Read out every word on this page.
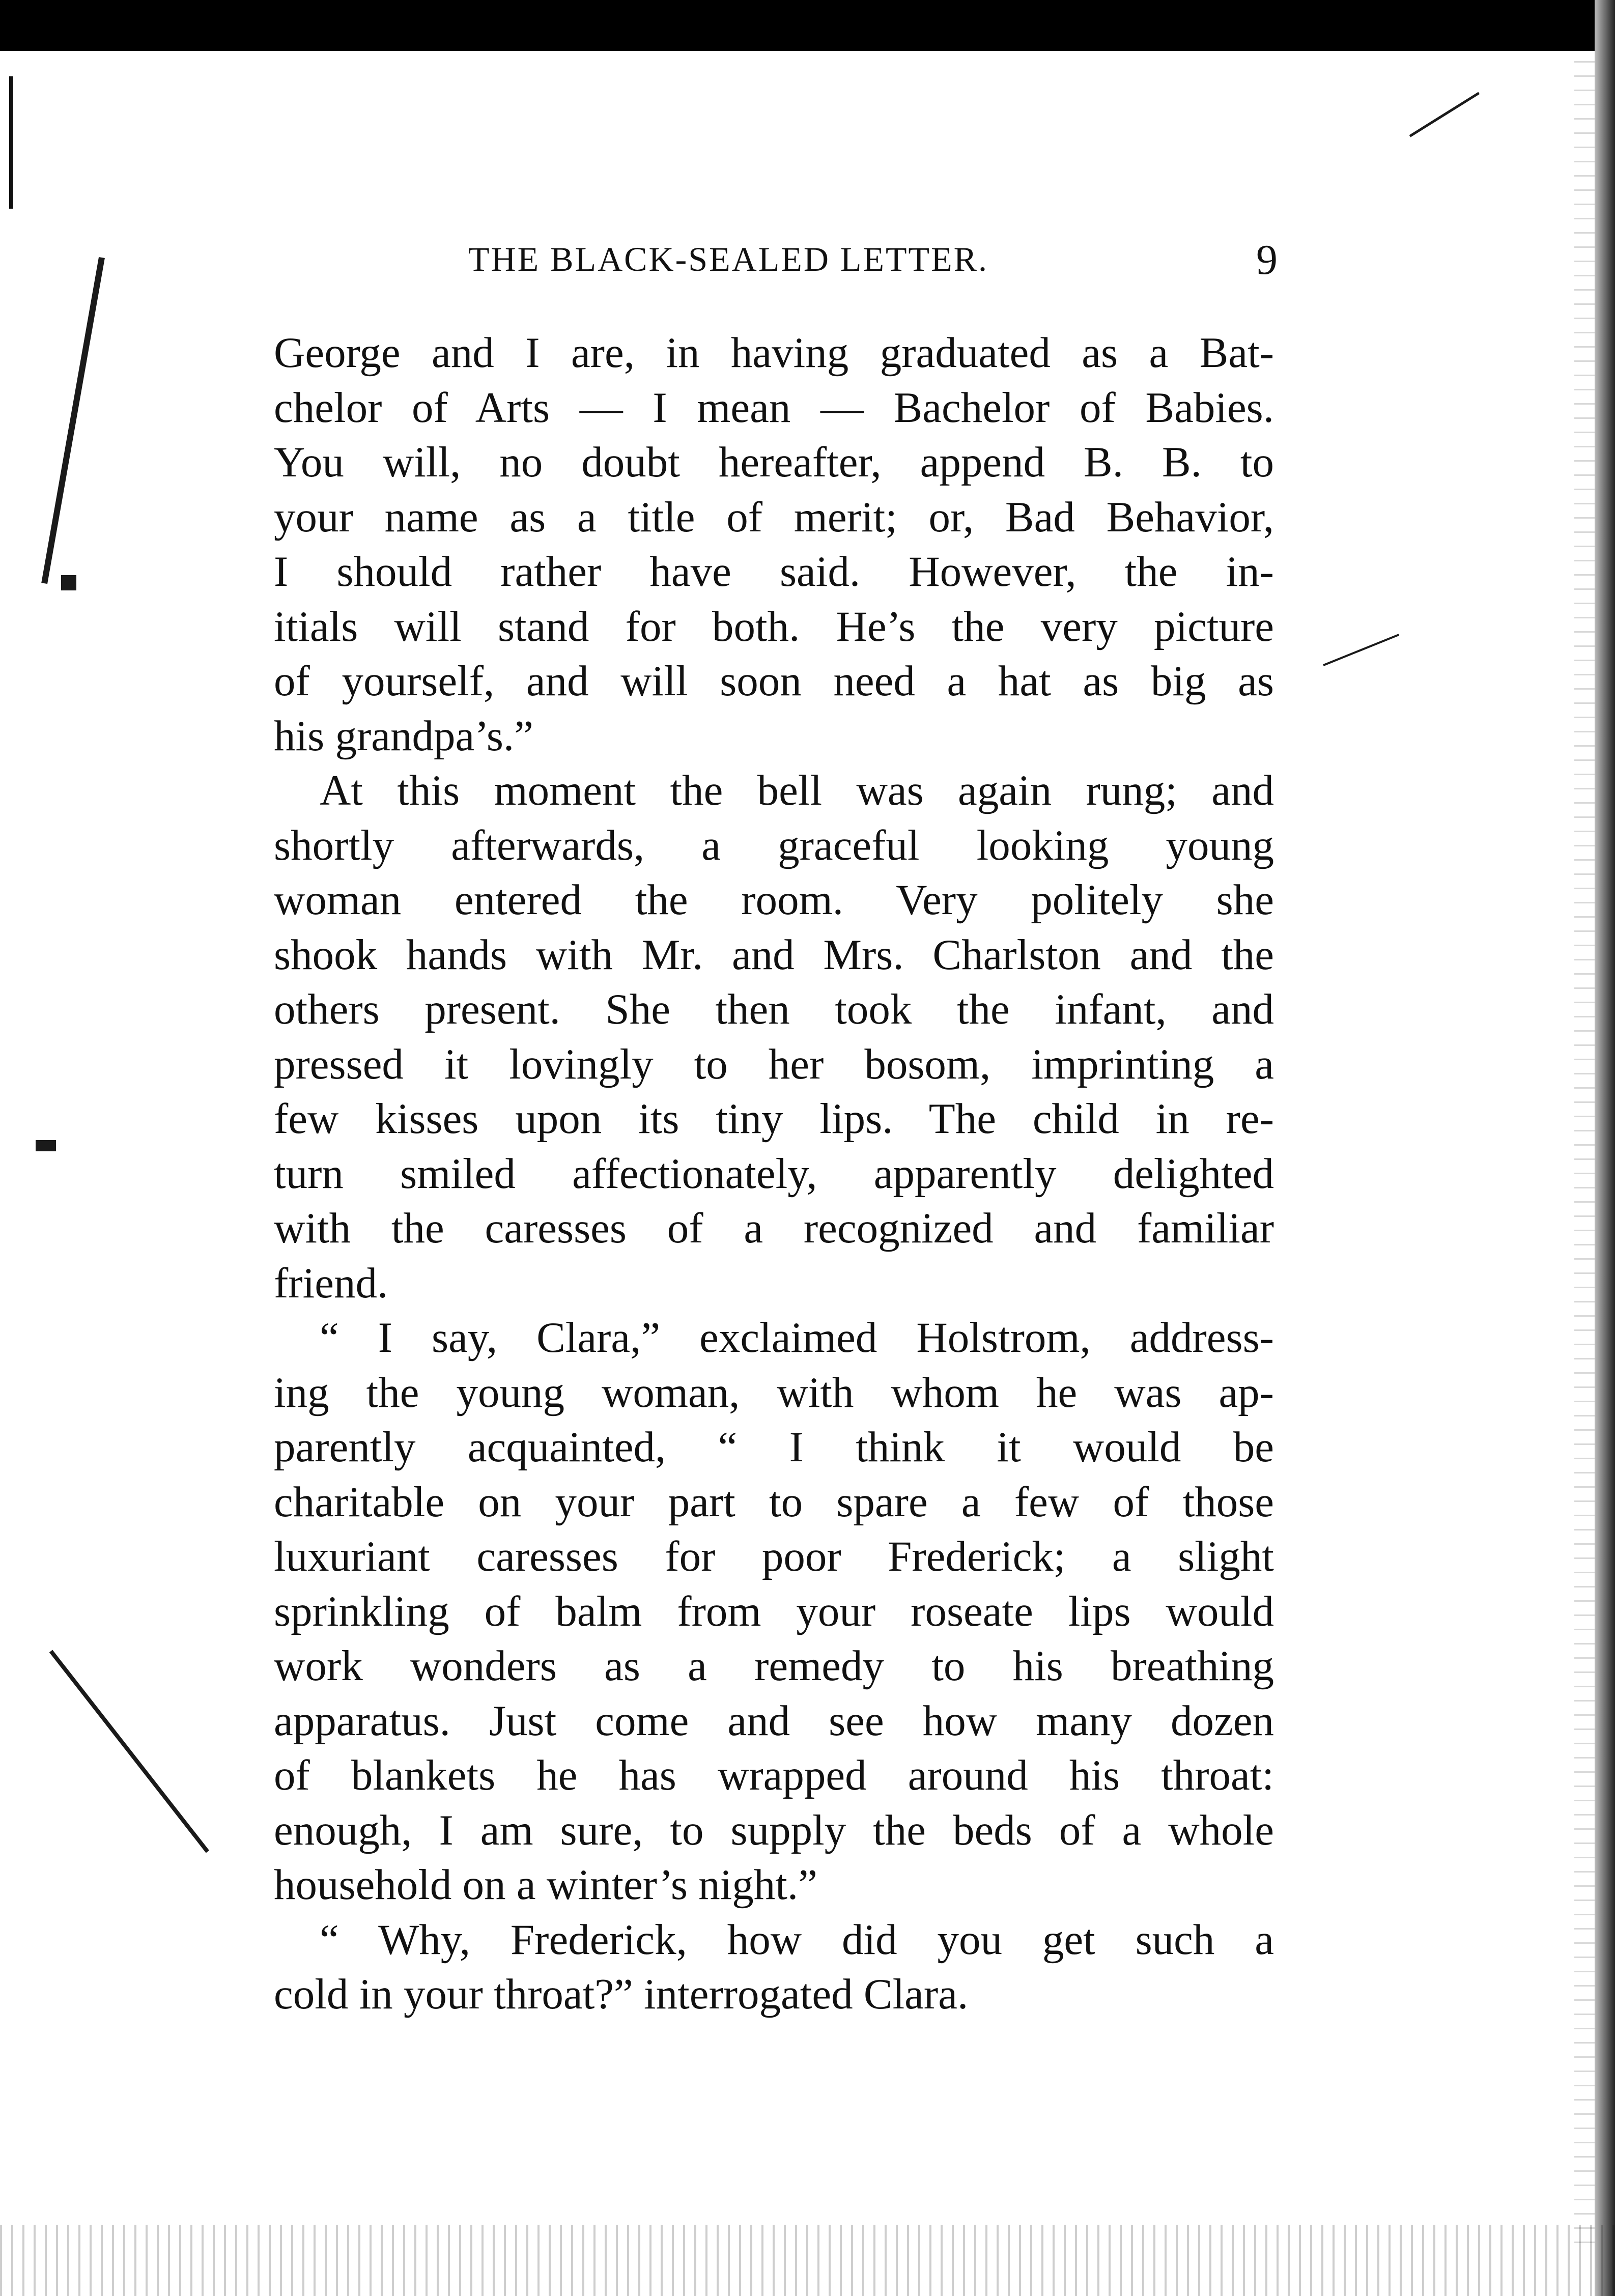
THE BLACK-SEALED LETTER.	9
George and I are, in having graduated as a Bat-
chelor of Arts — I mean — Bachelor of Babies.
You will, no doubt hereafter, append B. B. to
your name as a title of merit; or, Bad Behavior,
I should rather have said. However, the in-
itials will stand for both. He’s the very picture
of yourself, and will soon need a hat as big as
his grandpa’s.”
At this moment the bell was again rung; and
shortly afterwards, a graceful looking young
woman entered the room. Very politely she
shook hands with Mr. and Mrs. Charlston and the
others present. She then took the infant, and
pressed it lovingly to her bosom, imprinting a
few kisses upon its tiny lips. The child in re-
turn smiled affectionately, apparently delighted
with the caresses of a recognized and familiar
friend.
“ I say, Clara,” exclaimed Holstrom, address-
ing the young woman, with whom he was ap-
parently acquainted, “ I think it would be
charitable on your part to spare a few of those
luxuriant caresses for poor Frederick; a slight
sprinkling of balm from your roseate lips would
work wonders as a remedy to his breathing
apparatus. Just come and see how many dozen
of blankets he has wrapped around his throat:
enough, I am sure, to supply the beds of a whole
household on a winter’s night.”
“ Why, Frederick, how did you get such a
cold in your throat?” interrogated Clara.
